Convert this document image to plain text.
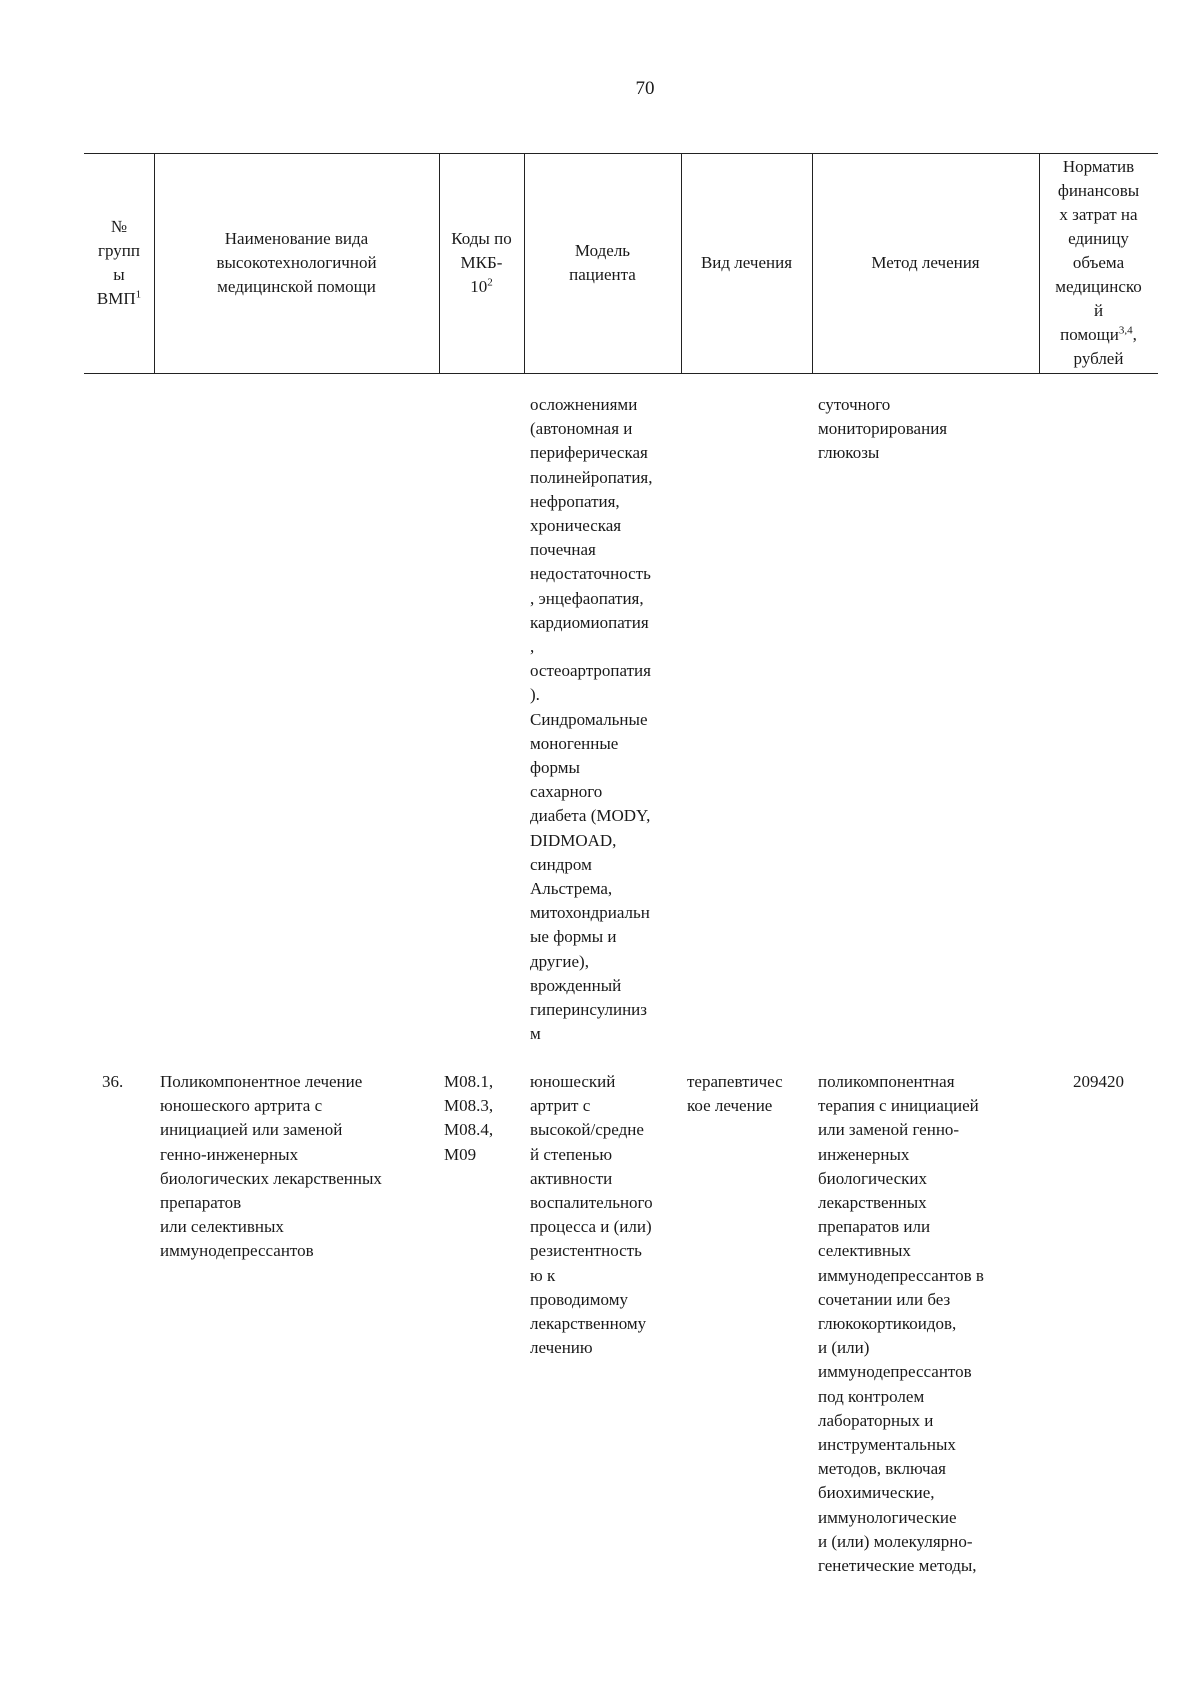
70
№
групп
ы
ВМП$^1$
Наименование вида
высокотехнологичной
медицинской помощи
Коды по
МКБ-
$10^2$
Модель
пациента
Вид лечения	Метод лечения
Норматив
финансовы
х затрат на
единицу
объема
медицинско
й
помощи$^{3,4}$,
рублей
осложнениями
(автономная и
периферическая
полинейропатия,
нефропатия,
хроническая
почечная
недостаточность
, энцефаопатия,
кардиомиопатия
,
остеоартропатия
).
Синдромальные
моногенные
формы
сахарного
диабета (MODY,
DIDMOAD,
синдром
Альстрема,
митохондриальн
ые формы и
другие),
врожденный
гиперинсулиниз
м
суточного
мониторирования
глюкозы
36.	Поликомпонентное лечение
юношеского артрита с
инициацией или заменой
генно-инженерных
биологических лекарственных
препаратов
или селективных
иммунодепрессантов
M08.1,
M08.3,
M08.4,
M09
юношеский
артрит с
высокой/средне
й степенью
активности
воспалительного
процесса и (или)
резистентность
ю к
проводимому
лекарственному
лечению
терапевтичес
кое лечение
поликомпонентная
терапия с инициацией
или заменой генно-
инженерных
биологических
лекарственных
препаратов или
селективных
иммунодепрессантов в
сочетании или без
глюкокортикоидов,
и (или)
иммунодепрессантов
под контролем
лабораторных и
инструментальных
методов, включая
биохимические,
иммунологические
и (или) молекулярно-
генетические методы,
209420
